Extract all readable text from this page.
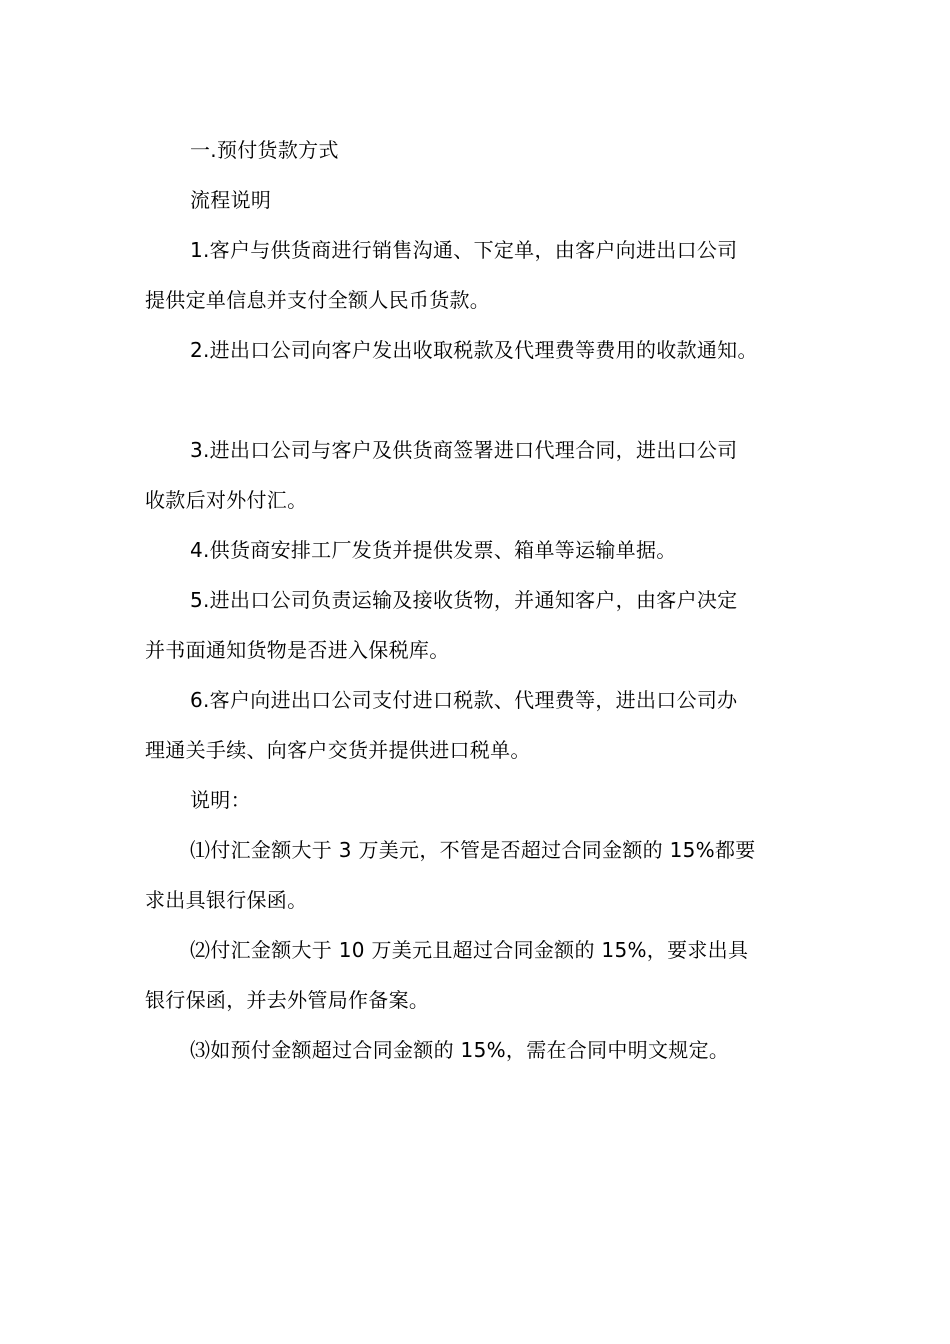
一.预付货款方式

流程说明

1.客户与供货商进行销售沟通、下定单，由客户向进出口公司

提供定单信息并支付全额人民币货款。

2.进出口公司向客户发出收取税款及代理费等费用的收款通知。

3.进出口公司与客户及供货商签署进口代理合同，进出口公司

收款后对外付汇。

4.供货商安排工厂发货并提供发票、箱单等运输单据。

5.进出口公司负责运输及接收货物，并通知客户，由客户决定

并书面通知货物是否进入保税库。

6.客户向进出口公司支付进口税款、代理费等，进出口公司办

理通关手续、向客户交货并提供进口税单。

说明：

⑴付汇金额大于 3 万美元，不管是否超过合同金额的 15%都要

求出具银行保函。

⑵付汇金额大于 10 万美元且超过合同金额的 15%，要求出具

银行保函，并去外管局作备案。

⑶如预付金额超过合同金额的 15%，需在合同中明文规定。
